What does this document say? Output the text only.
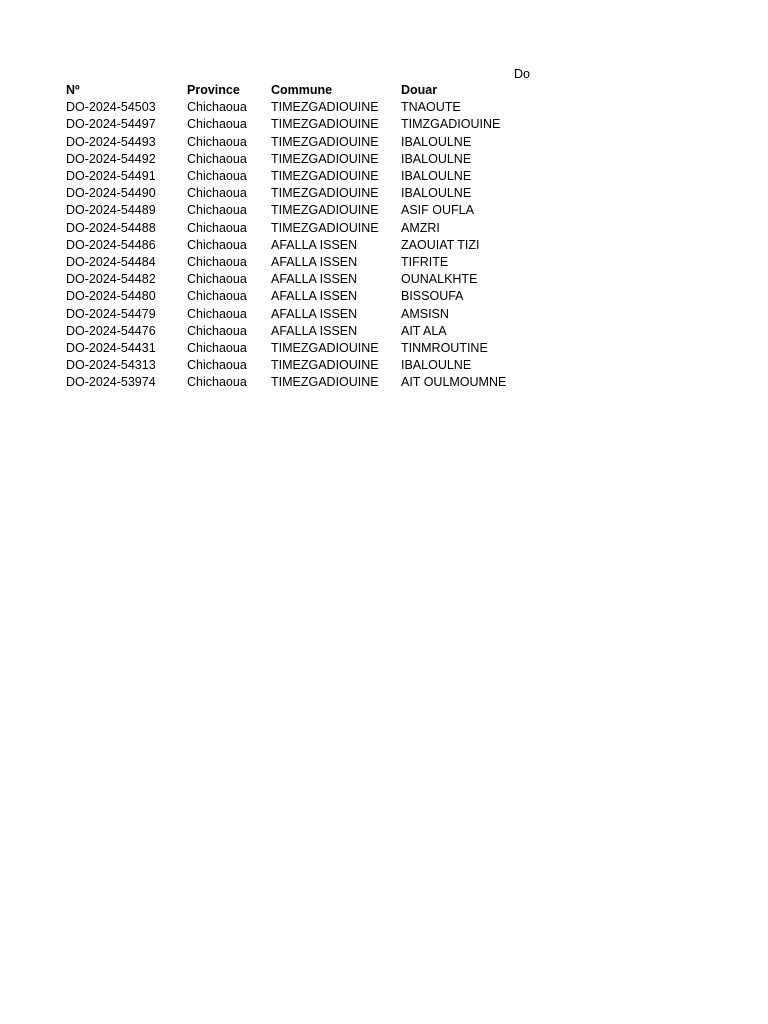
Do
Nº	Province	Commune	Douar
DO-2024-54503	Chichaoua	TIMEZGADIOUINE	TNAOUTE
DO-2024-54497	Chichaoua	TIMEZGADIOUINE	TIMZGADIOUINE
DO-2024-54493	Chichaoua	TIMEZGADIOUINE	IBALOULNE
DO-2024-54492	Chichaoua	TIMEZGADIOUINE	IBALOULNE
DO-2024-54491	Chichaoua	TIMEZGADIOUINE	IBALOULNE
DO-2024-54490	Chichaoua	TIMEZGADIOUINE	IBALOULNE
DO-2024-54489	Chichaoua	TIMEZGADIOUINE	ASIF OUFLA
DO-2024-54488	Chichaoua	TIMEZGADIOUINE	AMZRI
DO-2024-54486	Chichaoua	AFALLA ISSEN	ZAOUIAT TIZI
DO-2024-54484	Chichaoua	AFALLA ISSEN	TIFRITE
DO-2024-54482	Chichaoua	AFALLA ISSEN	OUNALKHTE
DO-2024-54480	Chichaoua	AFALLA ISSEN	BISSOUFA
DO-2024-54479	Chichaoua	AFALLA ISSEN	AMSISN
DO-2024-54476	Chichaoua	AFALLA ISSEN	AIT ALA
DO-2024-54431	Chichaoua	TIMEZGADIOUINE	TINMROUTINE
DO-2024-54313	Chichaoua	TIMEZGADIOUINE	IBALOULNE
DO-2024-53974	Chichaoua	TIMEZGADIOUINE	AIT OULMOUMNE
